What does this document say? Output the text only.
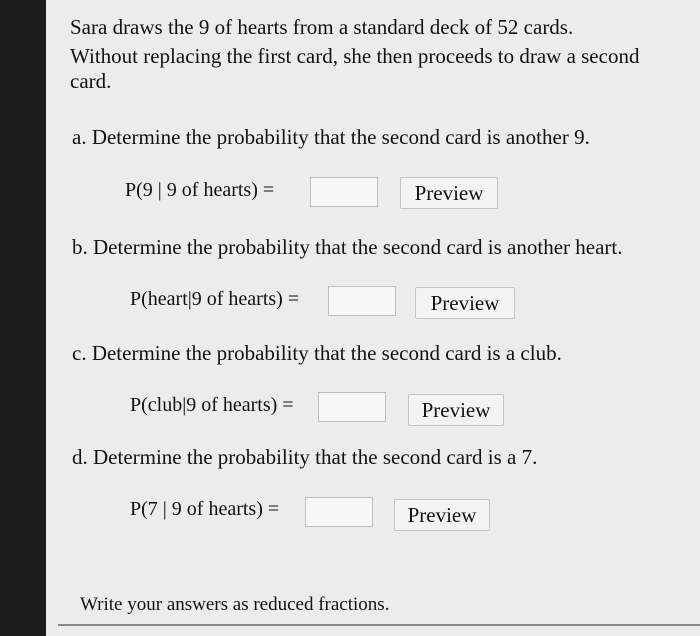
Sara draws the 9 of hearts from a standard deck of 52 cards.
Without replacing the first card, she then proceeds to draw a second
card.
a. Determine the probability that the second card is another 9.
P(9 | 9 of hearts) =	Preview
b. Determine the probability that the second card is another heart.
P(heart|9 of hearts) =	Preview
c. Determine the probability that the second card is a club.
P(club|9 of hearts) =	Preview
d. Determine the probability that the second card is a 7.
P(7 | 9 of hearts) =	Preview
Write your answers as reduced fractions.
